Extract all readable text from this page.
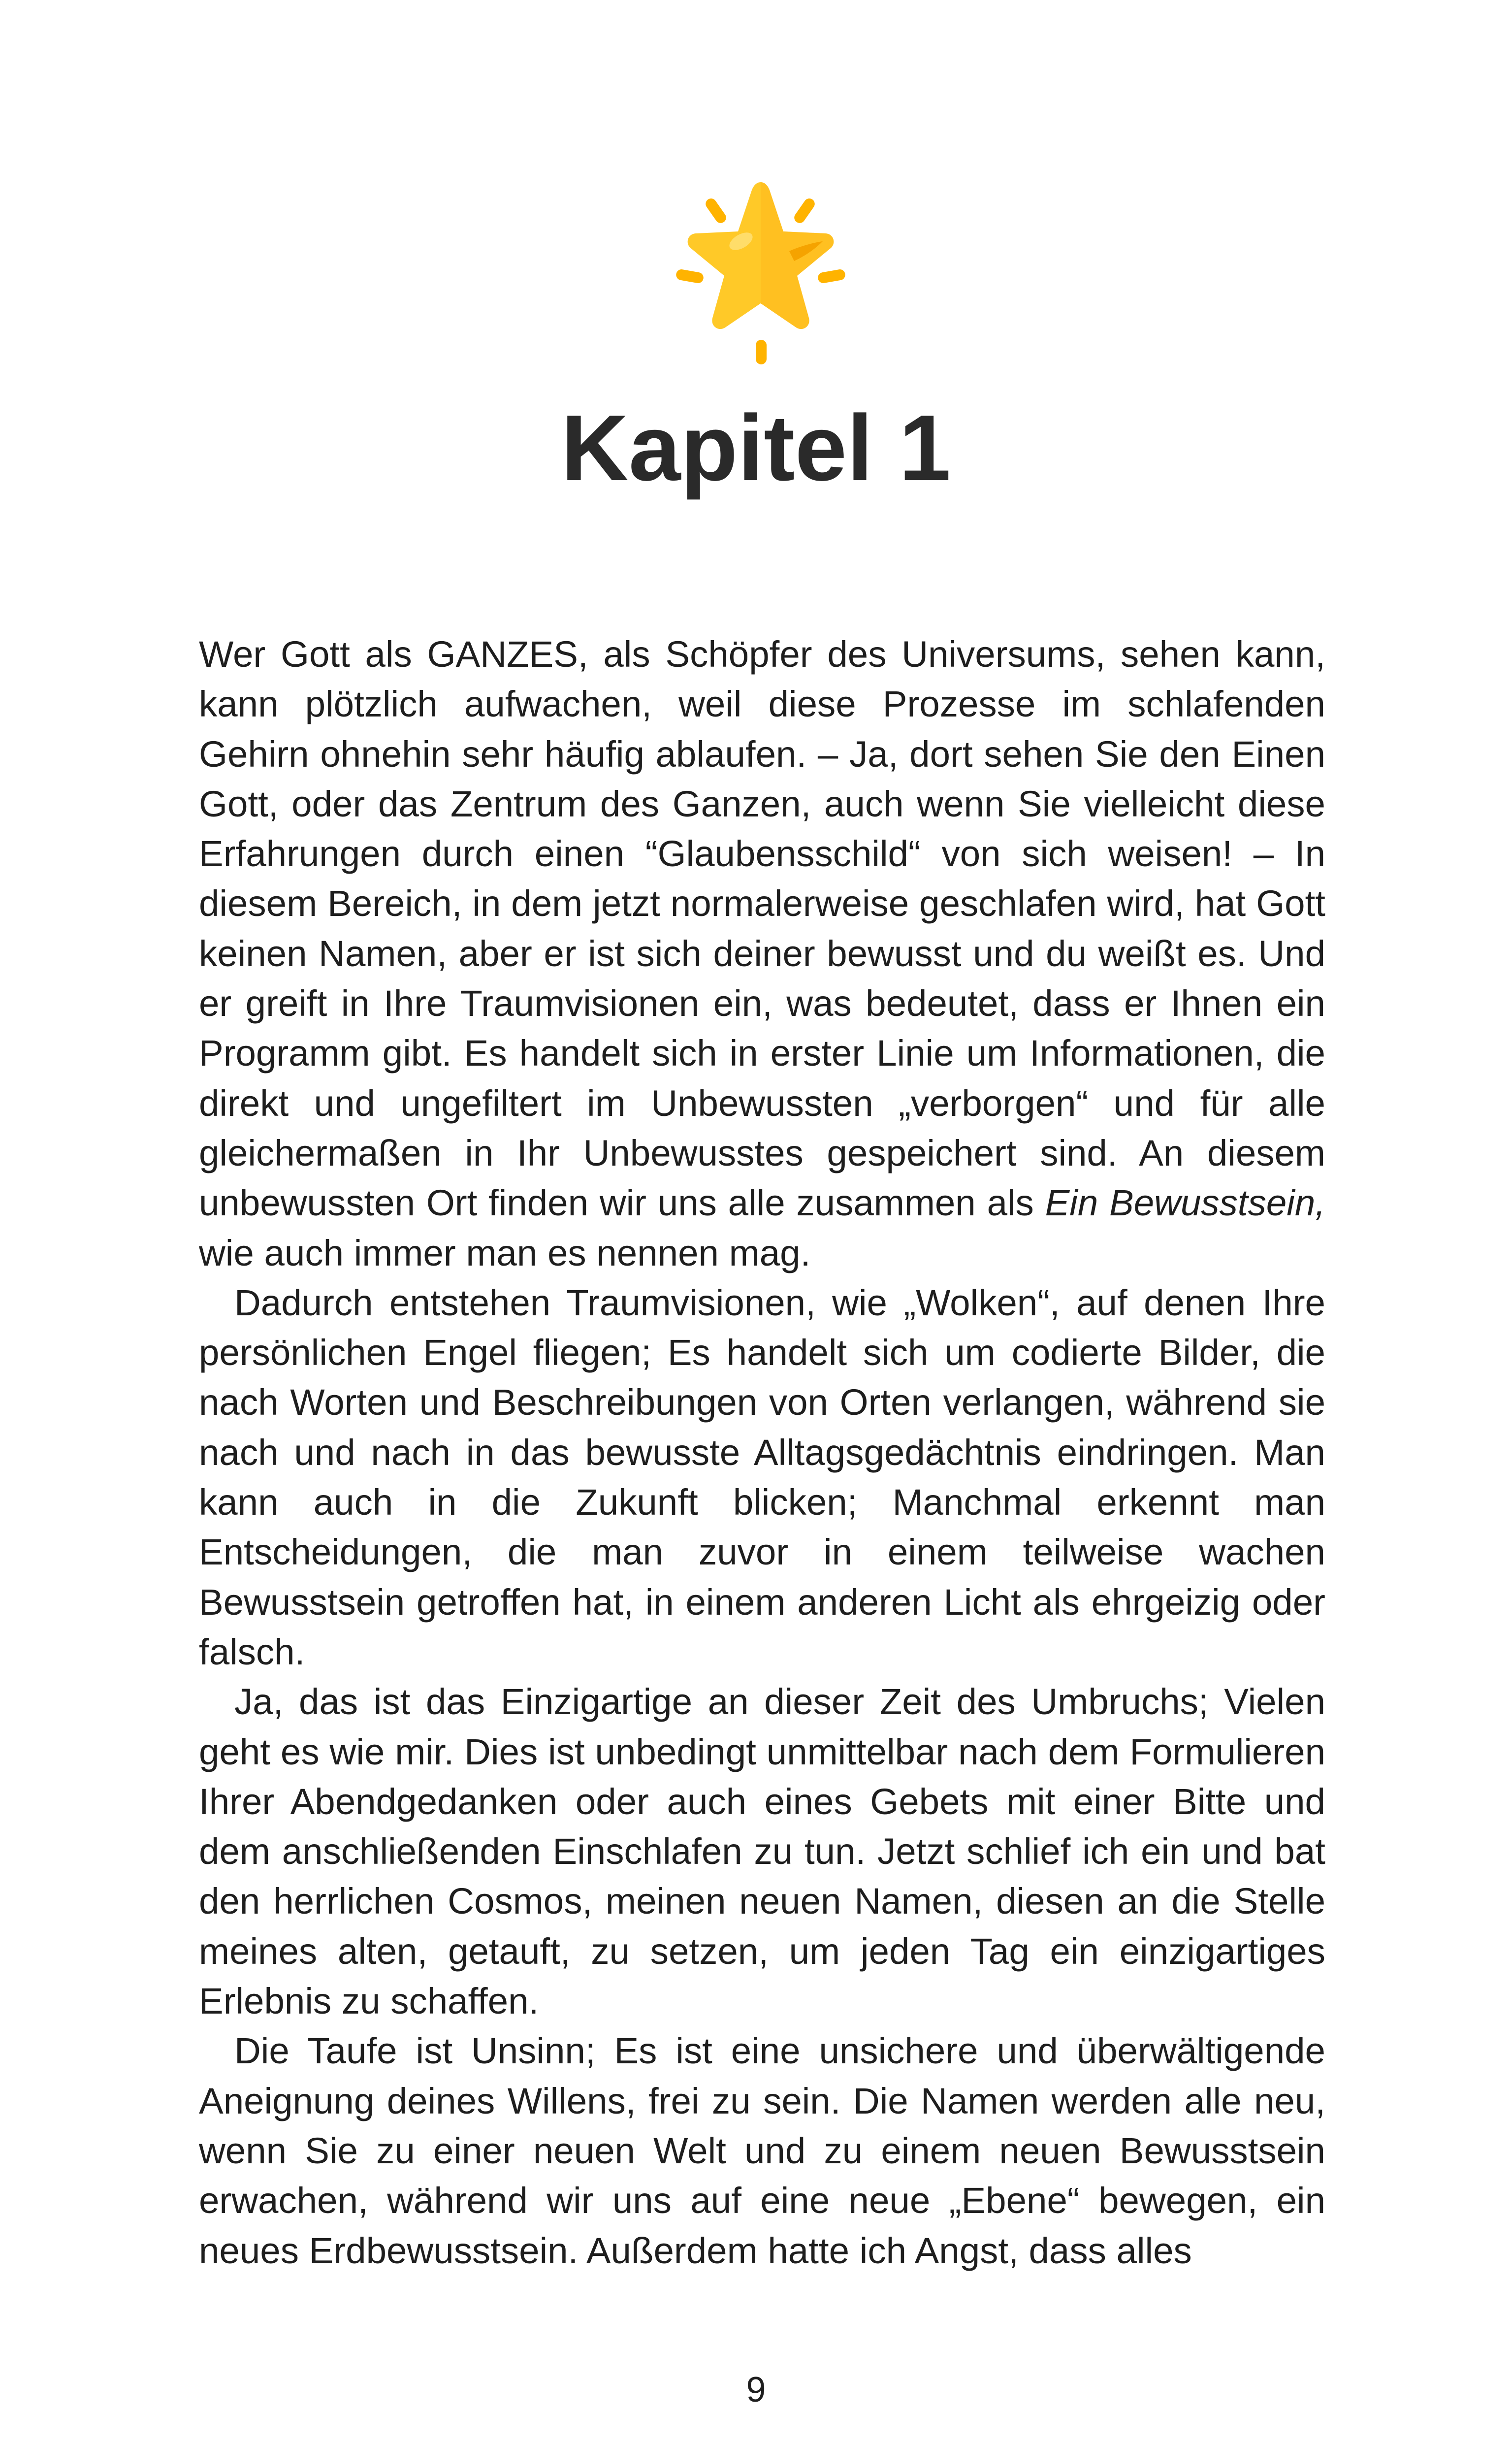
Kapitel 1

Wer Gott als GANZES, als Schöpfer des Universums, sehen kann, kann plötzlich aufwachen, weil diese Prozesse im schlafenden Gehirn ohnehin sehr häufig ablaufen. – Ja, dort sehen Sie den Einen Gott, oder das Zentrum des Ganzen, auch wenn Sie vielleicht diese Erfahrungen durch einen “Glaubensschild“ von sich weisen! – In diesem Bereich, in dem jetzt normalerweise geschlafen wird, hat Gott keinen Namen, aber er ist sich deiner bewusst und du weißt es. Und er greift in Ihre Traumvisionen ein, was bedeutet, dass er Ihnen ein Programm gibt. Es handelt sich in erster Linie um Informationen, die direkt und ungefiltert im Unbewussten „verborgen“ und für alle gleichermaßen in Ihr Unbewusstes gespeichert sind. An diesem unbewussten Ort finden wir uns alle zusammen als Ein Bewusstsein, wie auch immer man es nennen mag.

Dadurch entstehen Traumvisionen, wie „Wolken“, auf denen Ihre persönlichen Engel fliegen; Es handelt sich um codierte Bilder, die nach Worten und Beschreibungen von Orten verlangen, während sie nach und nach in das bewusste Alltagsgedächtnis eindringen. Man kann auch in die Zukunft blicken; Manchmal erkennt man Entscheidungen, die man zuvor in einem teilweise wachen Bewusstsein getroffen hat, in einem anderen Licht als ehrgeizig oder falsch.

Ja, das ist das Einzigartige an dieser Zeit des Umbruchs; Vielen geht es wie mir. Dies ist unbedingt unmittelbar nach dem Formulieren Ihrer Abendgedanken oder auch eines Gebets mit einer Bitte und dem anschließenden Einschlafen zu tun. Jetzt schlief ich ein und bat den herrlichen Cosmos, meinen neuen Namen, diesen an die Stelle meines alten, getauft, zu setzen, um jeden Tag ein einzigartiges Erlebnis zu schaffen.

Die Taufe ist Unsinn; Es ist eine unsichere und überwältigende Aneignung deines Willens, frei zu sein. Die Namen werden alle neu, wenn Sie zu einer neuen Welt und zu einem neuen Bewusstsein erwachen, während wir uns auf eine neue „Ebene“ bewegen, ein neues Erdbewusstsein. Außerdem hatte ich Angst, dass alles

9
